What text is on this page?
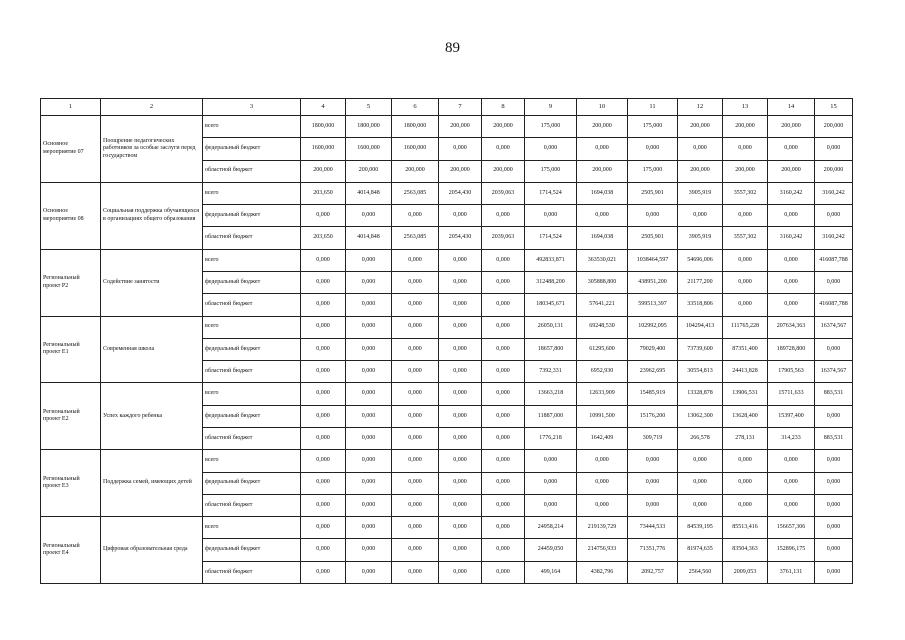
89
1	2	3	4	5	6	7	8	9	10	11	12	13	14	15
Основное мероприятие 07	Поощрение педагогических работников за особые заслуги перед государством	всего	1800,000	1800,000	1800,000	200,000	200,000	175,000	200,000	175,000	200,000	200,000	200,000	200,000
		федеральный бюджет	1600,000	1600,000	1600,000	0,000	0,000	0,000	0,000	0,000	0,000	0,000	0,000	0,000
		областной бюджет	200,000	200,000	200,000	200,000	200,000	175,000	200,000	175,000	200,000	200,000	200,000	200,000
Основное мероприятие 08	Социальная поддержка обучающихся в организациях общего образования	всего	203,650	4014,848	2563,085	2054,430	2039,063	1714,524	1694,038	2505,901	3905,919	3557,302	3160,242	3160,242
		федеральный бюджет	0,000	0,000	0,000	0,000	0,000	0,000	0,000	0,000	0,000	0,000	0,000	0,000
		областной бюджет	203,650	4014,848	2563,085	2054,430	2039,063	1714,524	1694,038	2505,901	3905,919	3557,302	3160,242	3160,242
Региональный проект Р2	Содействие занятости	всего	0,000	0,000	0,000	0,000	0,000	492833,871	363530,021	1038464,597	54696,006	0,000	0,000	416087,788
		федеральный бюджет	0,000	0,000	0,000	0,000	0,000	312488,200	305888,800	438951,200	21177,200	0,000	0,000	0,000
		областной бюджет	0,000	0,000	0,000	0,000	0,000	180345,671	57641,221	599513,397	33518,806	0,000	0,000	416087,788
Региональный проект Е1	Современная школа	всего	0,000	0,000	0,000	0,000	0,000	26050,131	69248,530	102992,095	104294,413	111765,228	207634,363	16374,567
		федеральный бюджет	0,000	0,000	0,000	0,000	0,000	18657,800	61295,600	79029,400	73739,600	87351,400	189728,800	0,000
		областной бюджет	0,000	0,000	0,000	0,000	0,000	7392,331	6952,930	23962,695	30554,813	24413,828	17905,563	16374,567
Региональный проект Е2	Успех каждого ребенка	всего	0,000	0,000	0,000	0,000	0,000	13663,218	12633,909	15485,919	13328,878	13906,531	15711,633	883,531
		федеральный бюджет	0,000	0,000	0,000	0,000	0,000	11887,000	10991,500	15176,200	13062,300	13628,400	15397,400	0,000
		областной бюджет	0,000	0,000	0,000	0,000	0,000	1776,218	1642,409	309,719	266,578	278,131	314,233	883,531
Региональный проект Е3	Поддержка семей, имеющих детей	всего	0,000	0,000	0,000	0,000	0,000	0,000	0,000	0,000	0,000	0,000	0,000	0,000
		федеральный бюджет	0,000	0,000	0,000	0,000	0,000	0,000	0,000	0,000	0,000	0,000	0,000	0,000
		областной бюджет	0,000	0,000	0,000	0,000	0,000	0,000	0,000	0,000	0,000	0,000	0,000	0,000
Региональный проект Е4	Цифровая образовательная среда	всего	0,000	0,000	0,000	0,000	0,000	24958,214	219139,729	73444,533	84539,195	85513,416	156657,306	0,000
		федеральный бюджет	0,000	0,000	0,000	0,000	0,000	24459,050	214756,933	71351,776	81974,635	83504,363	152896,175	0,000
		областной бюджет	0,000	0,000	0,000	0,000	0,000	499,164	4382,796	2092,757	2564,560	2009,053	3761,131	0,000
